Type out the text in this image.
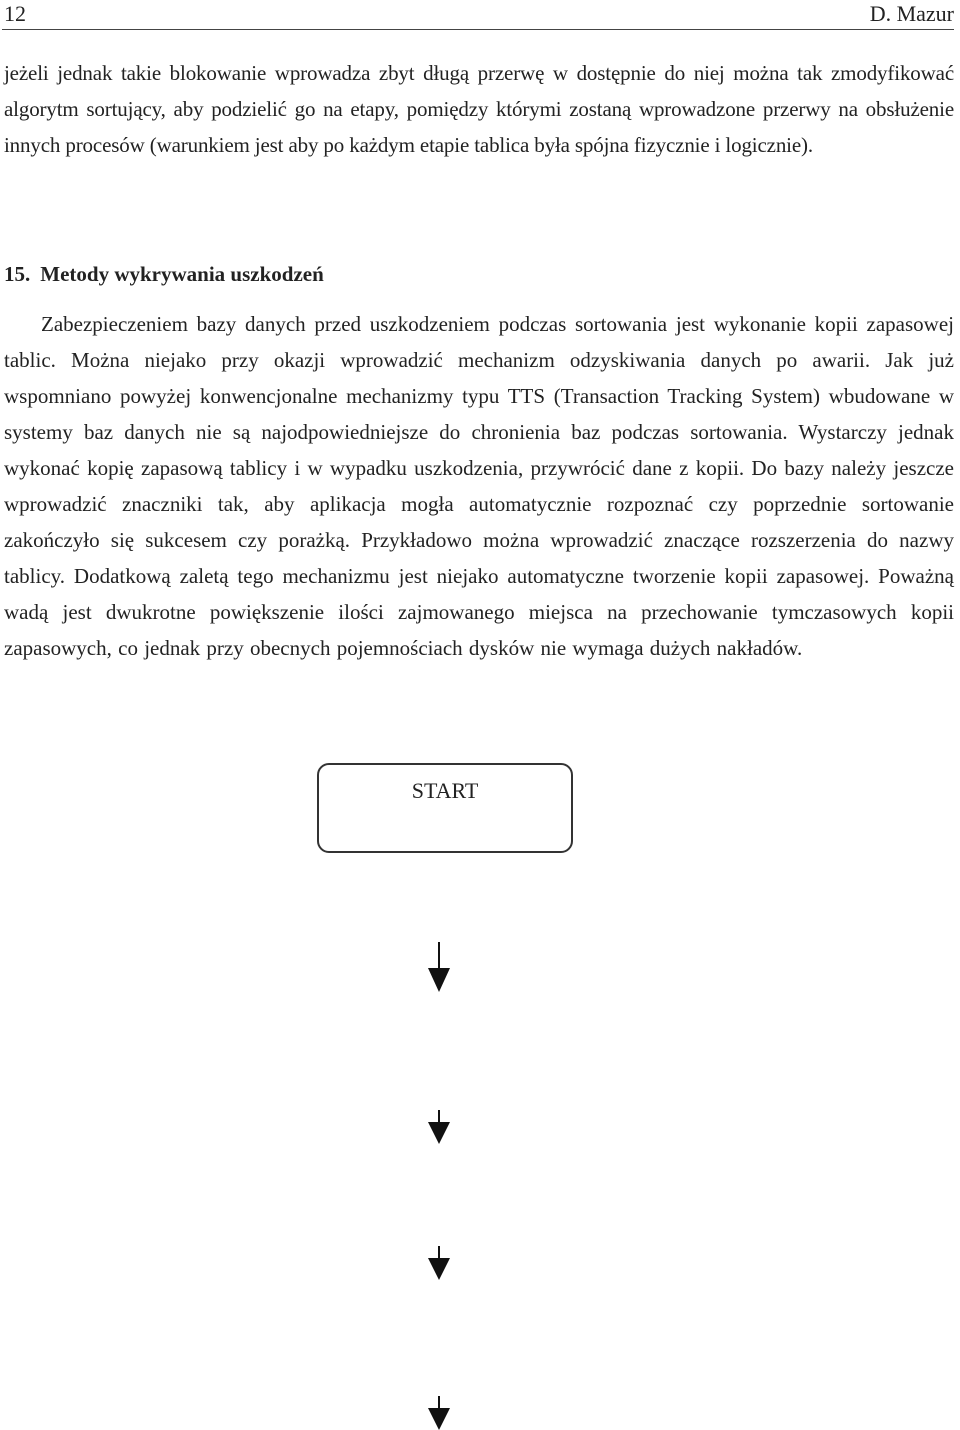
12	D. Mazur

jeżeli jednak takie blokowanie wprowadza zbyt długą przerwę w dostępnie do niej można tak zmodyfikować algorytm sortujący, aby podzielić go na etapy, pomiędzy którymi zostaną wprowadzone przerwy na obsłużenie innych procesów (warunkiem jest aby po każdym etapie tablica była spójna fizycznie i logicznie).

15. Metody wykrywania uszkodzeń

Zabezpieczeniem bazy danych przed uszkodzeniem podczas sortowania jest wykonanie kopii zapasowej tablic. Można niejako przy okazji wprowadzić mechanizm odzyskiwania danych po awarii. Jak już wspomniano powyżej konwencjonalne mechanizmy typu TTS (Transaction Tracking System) wbudowane w systemy baz danych nie są najodpowiedniejsze do chronienia baz podczas sortowania. Wystarczy jednak wykonać kopię zapasową tablicy i w wypadku uszkodzenia, przywrócić dane z kopii. Do bazy należy jeszcze wprowadzić znaczniki tak, aby aplikacja mogła automatycznie rozpoznać czy poprzednie sortowanie zakończyło się sukcesem czy porażką. Przykładowo można wprowadzić znaczące rozszerzenia do nazwy tablicy. Dodatkową zaletą tego mechanizmu jest niejako automatyczne tworzenie kopii zapasowej. Poważną wadą jest dwukrotne powiększenie ilości zajmowanego miejsca na przechowanie tymczasowych kopii zapasowych, co jednak przy obecnych pojemnościach dysków nie wymaga dużych nakładów.

START
